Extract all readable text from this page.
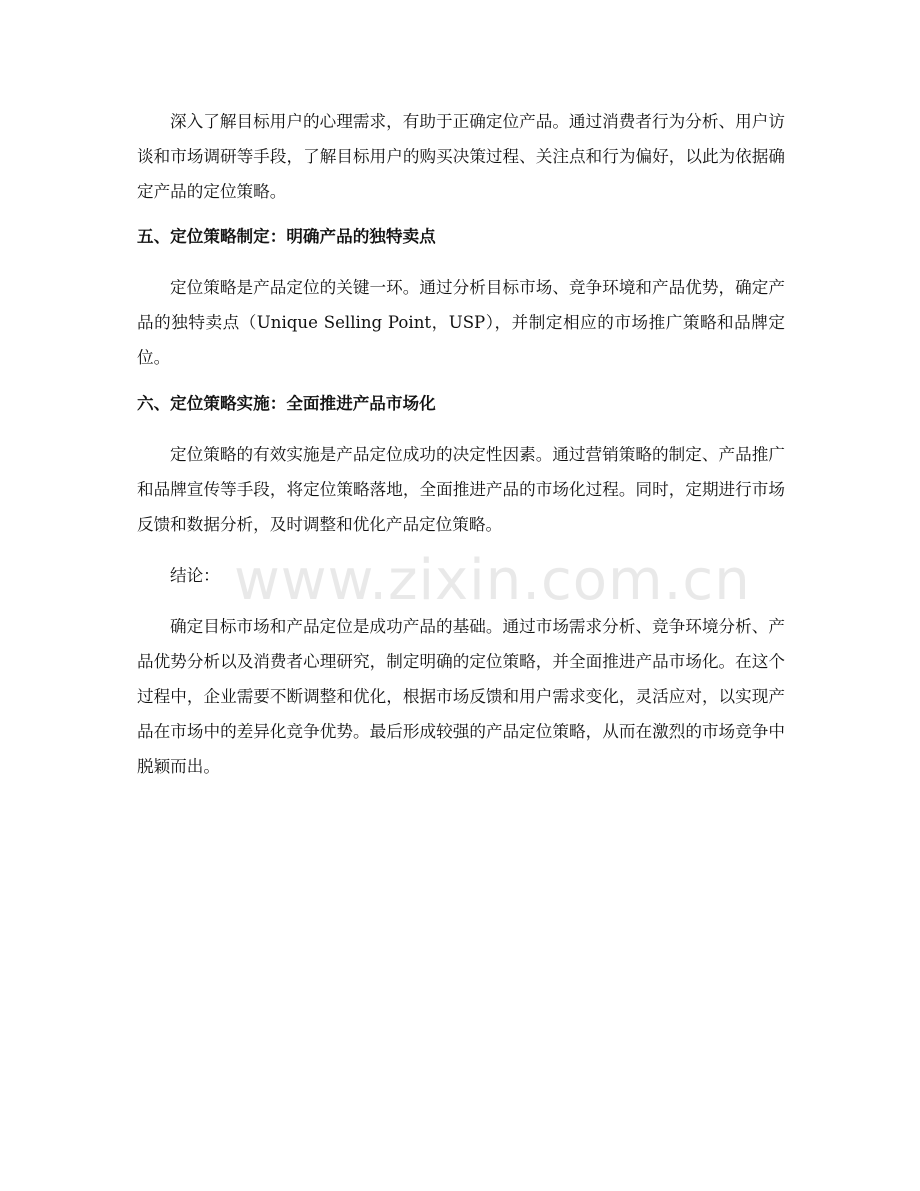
深入了解目标用户的心理需求，有助于正确定位产品。通过消费者行为分析、用户访谈和市场调研等手段，了解目标用户的购买决策过程、关注点和行为偏好，以此为依据确定产品的定位策略。

五、定位策略制定：明确产品的独特卖点

定位策略是产品定位的关键一环。通过分析目标市场、竞争环境和产品优势，确定产品的独特卖点（Unique Selling Point，USP），并制定相应的市场推广策略和品牌定位。

六、定位策略实施：全面推进产品市场化

定位策略的有效实施是产品定位成功的决定性因素。通过营销策略的制定、产品推广和品牌宣传等手段，将定位策略落地，全面推进产品的市场化过程。同时，定期进行市场反馈和数据分析，及时调整和优化产品定位策略。

结论：

确定目标市场和产品定位是成功产品的基础。通过市场需求分析、竞争环境分析、产品优势分析以及消费者心理研究，制定明确的定位策略，并全面推进产品市场化。在这个过程中，企业需要不断调整和优化，根据市场反馈和用户需求变化，灵活应对，以实现产品在市场中的差异化竞争优势。最后形成较强的产品定位策略，从而在激烈的市场竞争中脱颖而出。

www.zixin.com.cn
